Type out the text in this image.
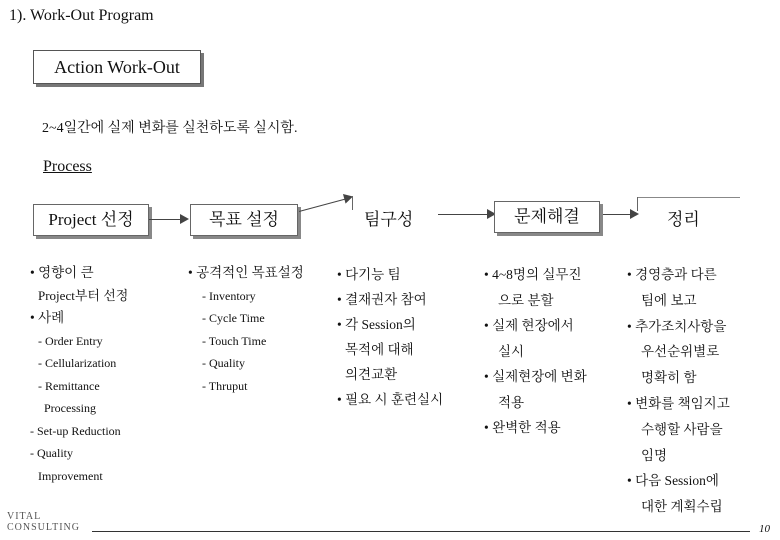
1). Work-Out Program
Action Work-Out
2~4일간에 실제 변화를 실천하도록 실시함.
Process
Project 선정	목표 설정	팀구성	문제해결	정리
• 영향이 큰
Project부터 선정
• 사례
- Order Entry
- Cellularization
- Remittance
Processing
- Set-up Reduction
- Quality
Improvement
• 공격적인 목표설정
- Inventory
- Cycle Time
- Touch Time
- Quality
- Thruput
• 다기능 팀
• 결재권자 참여
• 각 Session의
목적에 대해
의견교환
• 필요 시 훈련실시
• 4~8명의 실무진
으로 분할
• 실제 현장에서
실시
• 실제현장에 변화
적용
• 완벽한 적용
• 경영층과 다른
팀에 보고
• 추가조치사항을
우선순위별로
명확히 함
• 변화를 책임지고
수행할 사람을
임명
• 다음 Session에
대한 계획수립
VITAL
CONSULTING	10
